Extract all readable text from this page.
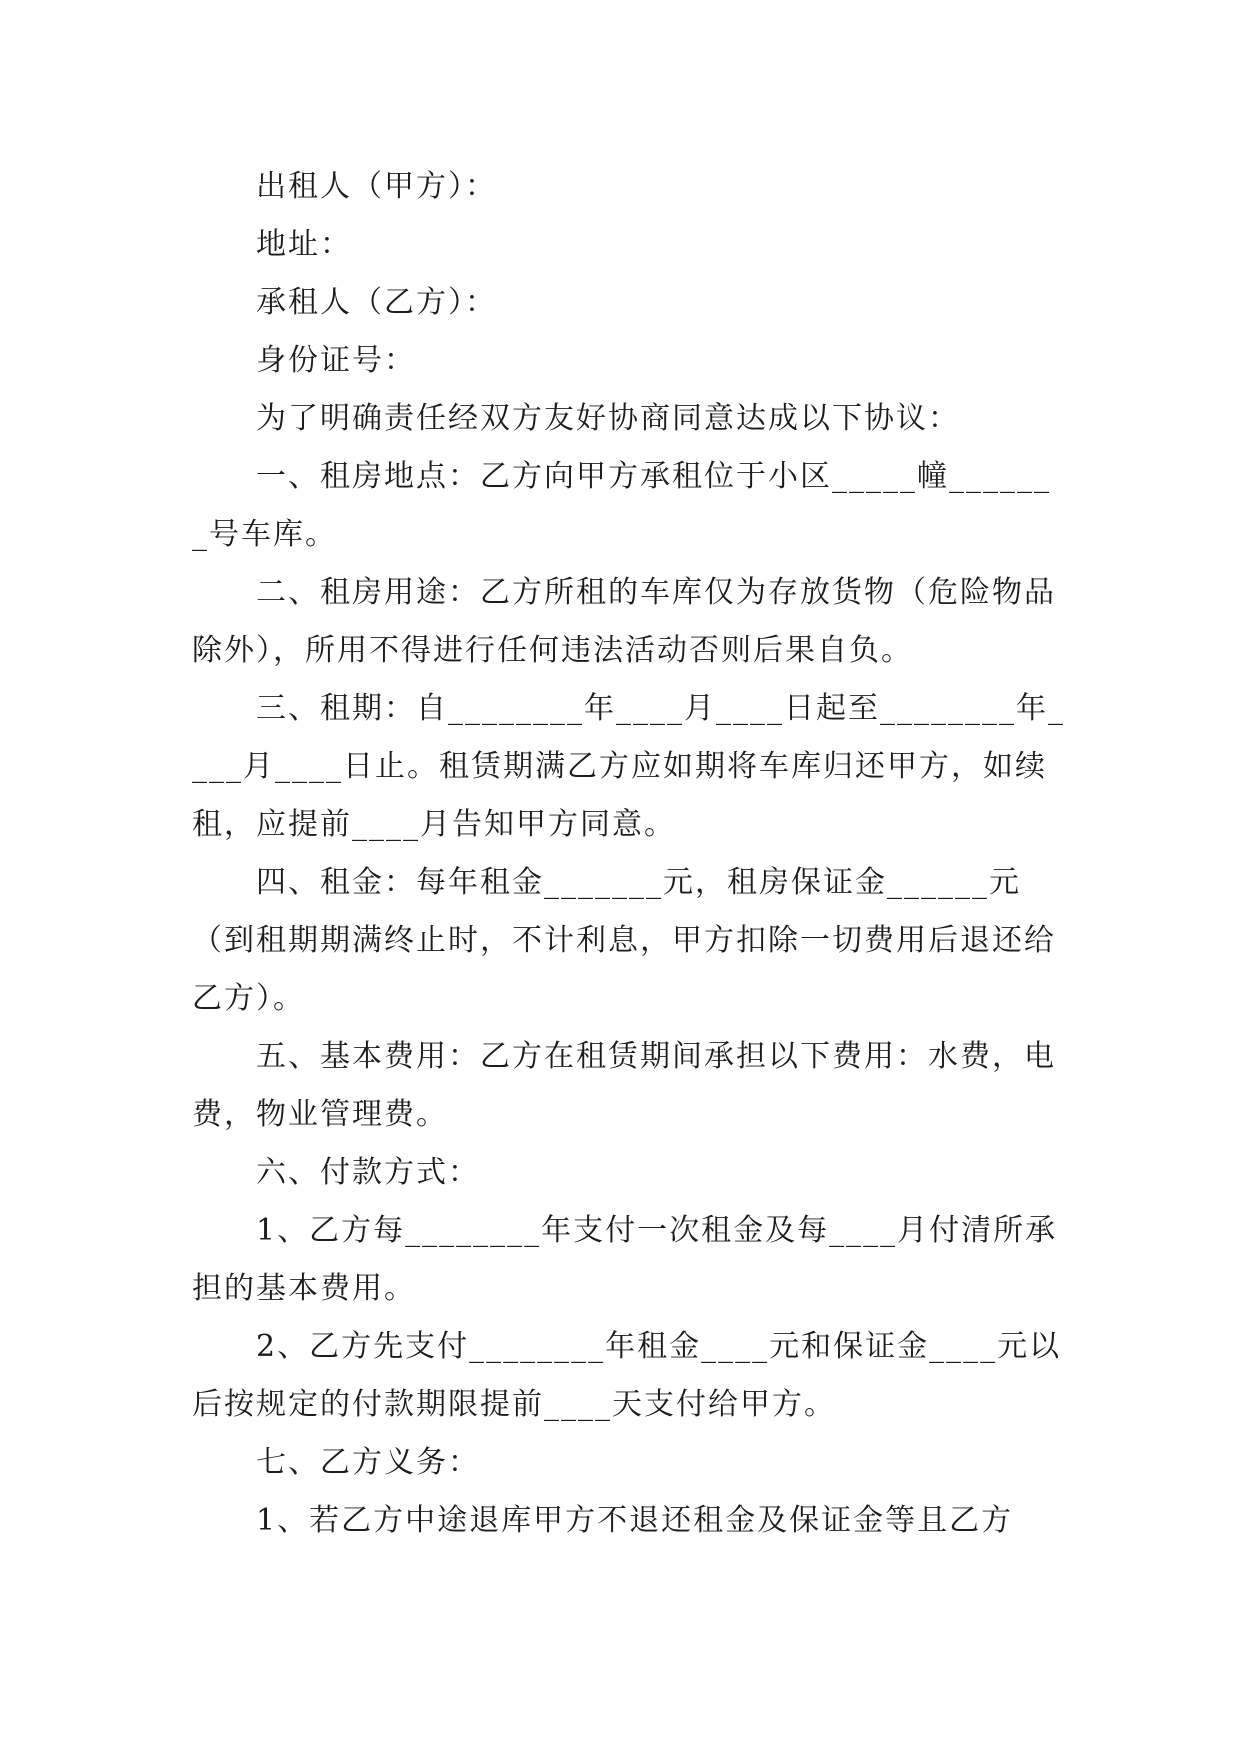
出租人（甲方）：

地址：

承租人（乙方）：

身份证号：

为了明确责任经双方友好协商同意达成以下协议：

一、租房地点：乙方向甲方承租位于小区_____幢_______号车库。

二、租房用途：乙方所租的车库仅为存放货物（危险物品除外），所用不得进行任何违法活动否则后果自负。

三、租期：自________年____月____日起至________年____月____日止。租赁期满乙方应如期将车库归还甲方，如续租，应提前____月告知甲方同意。

四、租金：每年租金_______元，租房保证金______元（到租期期满终止时，不计利息，甲方扣除一切费用后退还给乙方）。

五、基本费用：乙方在租赁期间承担以下费用：水费，电费，物业管理费。

六、付款方式：

1、乙方每________年支付一次租金及每____月付清所承担的基本费用。

2、乙方先支付________年租金____元和保证金____元以后按规定的付款期限提前____天支付给甲方。

七、乙方义务：

1、若乙方中途退库甲方不退还租金及保证金等且乙方
